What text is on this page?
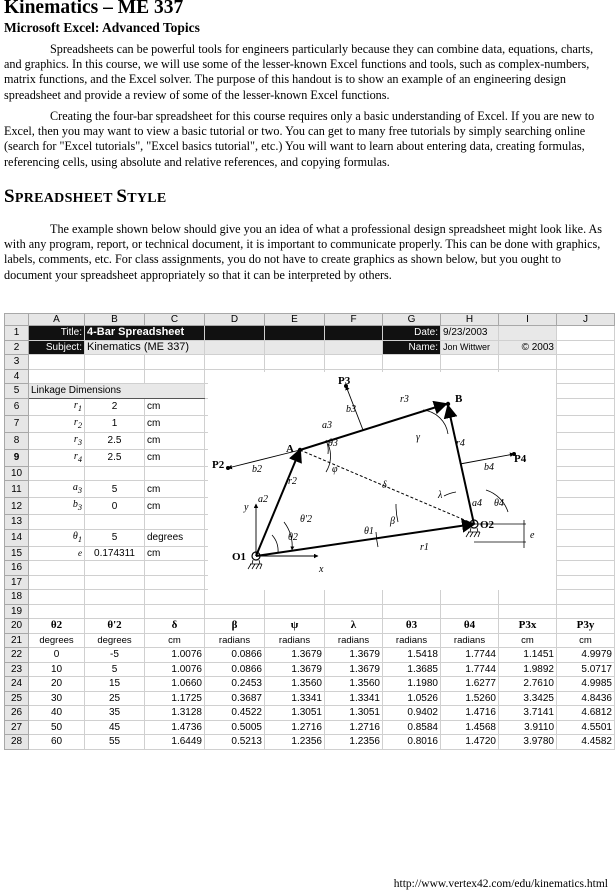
Kinematics – ME 337
Microsoft Excel: Advanced Topics

Spreadsheets can be powerful tools for engineers particularly because they can combine data, equations, charts, and graphics. In this course, we will use some of the lesser-known Excel functions and tools, such as complex-numbers, matrix functions, and the Excel solver. The purpose of this handout is to show an example of an engineering design spreadsheet and provide a review of some of the lesser-known Excel functions.

Creating the four-bar spreadsheet for this course requires only a basic understanding of Excel. If you are new to Excel, then you may want to view a basic tutorial or two. You can get to many free tutorials by simply searching online (search for "Excel tutorials", "Excel basics tutorial", etc.) You will want to learn about entering data, creating formulas, referencing cells, using absolute and relative references, and copying formulas.

SPREADSHEET STYLE

The example shown below should give you an idea of what a professional design spreadsheet might look like. As with any program, report, or technical document, it is important to communicate properly. This can be done with graphics, labels, comments, etc. For class assignments, you do not have to create graphics as shown below, but you ought to document your spreadsheet appropriately so that it can be interpreted by others.

	A	B	C	D	E	F	G	H	I	J
1	Title:	4-Bar Spreadsheet					Date:	9/23/2003		
2	Subject:	Kinematics (ME 337)					Name:	Jon Wittwer	© 2003	
3										
4										
5	Linkage Dimensions									
6	$r_1$	2	cm							
7	$r_2$	1	cm							
8	$r_3$	2.5	cm							
9	$r_4$	2.5	cm							
10										
11	$a_3$	5	cm							
12	$b_3$	0	cm							
13										
14	$\theta_1$	5	degrees							
15	e	0.174311	cm							
16										
17										
18										
19										
20	θ2	θ'2	δ	β	ψ	λ	θ3	θ4	P3x	P3y
21	degrees	degrees	cm	radians	radians	radians	radians	radians	cm	cm
22	0	-5	1.0076	0.0866	1.3679	1.3679	1.5418	1.7744	1.1451	4.9979
23	10	5	1.0076	0.0866	1.3679	1.3679	1.3685	1.7744	1.9892	5.0717
24	20	15	1.0660	0.2453	1.3560	1.3560	1.1980	1.6277	2.7610	4.9985
25	30	25	1.1725	0.3687	1.3341	1.3341	1.0526	1.5260	3.3425	4.8436
26	40	35	1.3128	0.4522	1.3051	1.3051	0.9402	1.4716	3.7141	4.6812
27	50	45	1.4736	0.5005	1.2716	1.2716	0.8584	1.4568	3.9110	4.5501
28	60	55	1.6449	0.5213	1.2356	1.2356	0.8016	1.4720	3.9780	4.4582
P3
B
A
P2	P4
O1
O2
x
y
r1
r2
r3
r4
a2
b2
a3
b3
a4
b4
θ1
θ2
θ'2
θ3
θ4
φ
γ
δ
λ
β
e
http://www.vertex42.com/edu/kinematics.html
